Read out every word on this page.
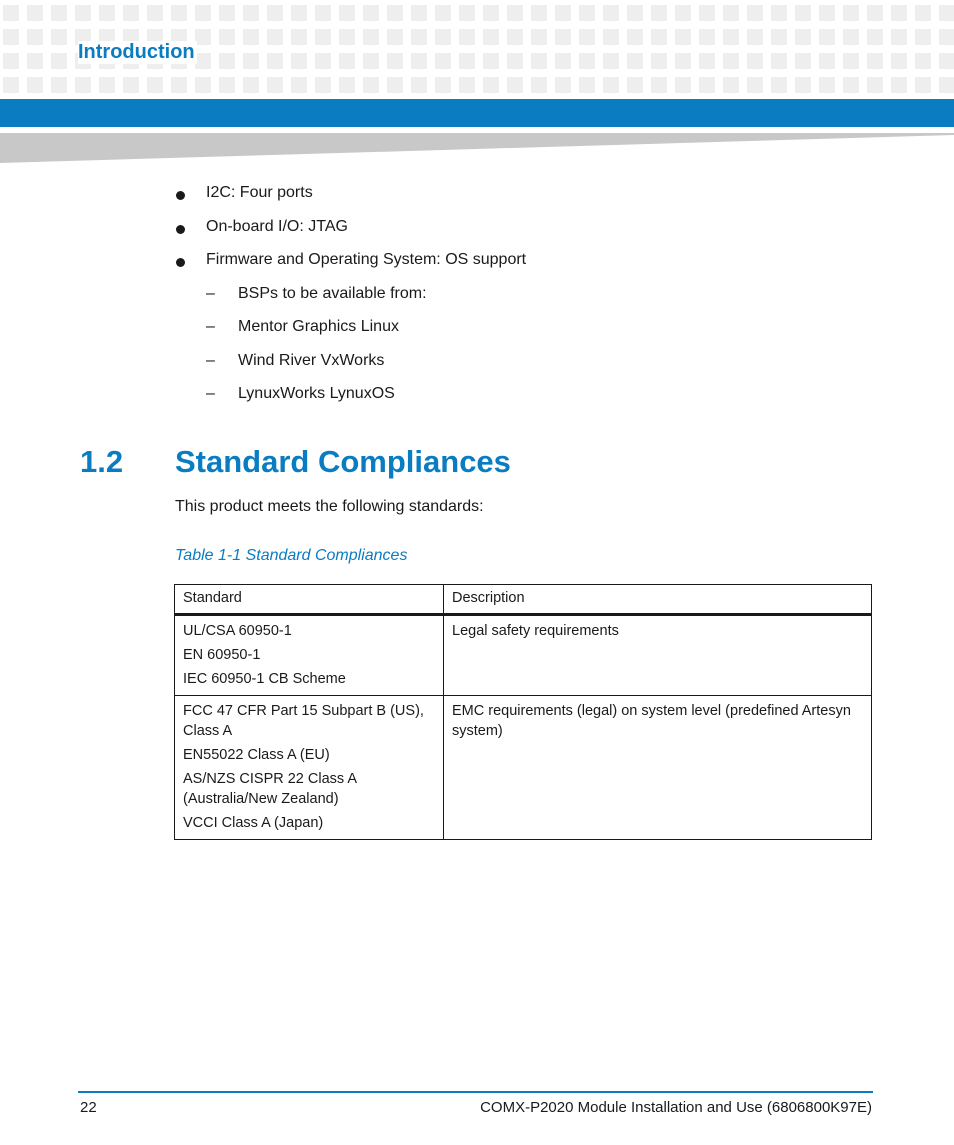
Introduction
I2C: Four ports
On-board I/O: JTAG
Firmware and Operating System: OS support
– BSPs to be available from:
– Mentor Graphics Linux
– Wind River VxWorks
– LynuxWorks LynuxOS
1.2 Standard Compliances

This product meets the following standards:

Table 1-1 Standard Compliances

Standard	Description

UL/CSA 60950-1
EN 60950-1
IEC 60950-1 CB Scheme	Legal safety requirements

FCC 47 CFR Part 15 Subpart B (US), Class A
EN55022 Class A (EU)
AS/NZS CISPR 22 Class A (Australia/New Zealand)
VCCI Class A (Japan)	EMC requirements (legal) on system level (predefined Artesyn system)
22	COMX-P2020 Module Installation and Use (6806800K97E)
